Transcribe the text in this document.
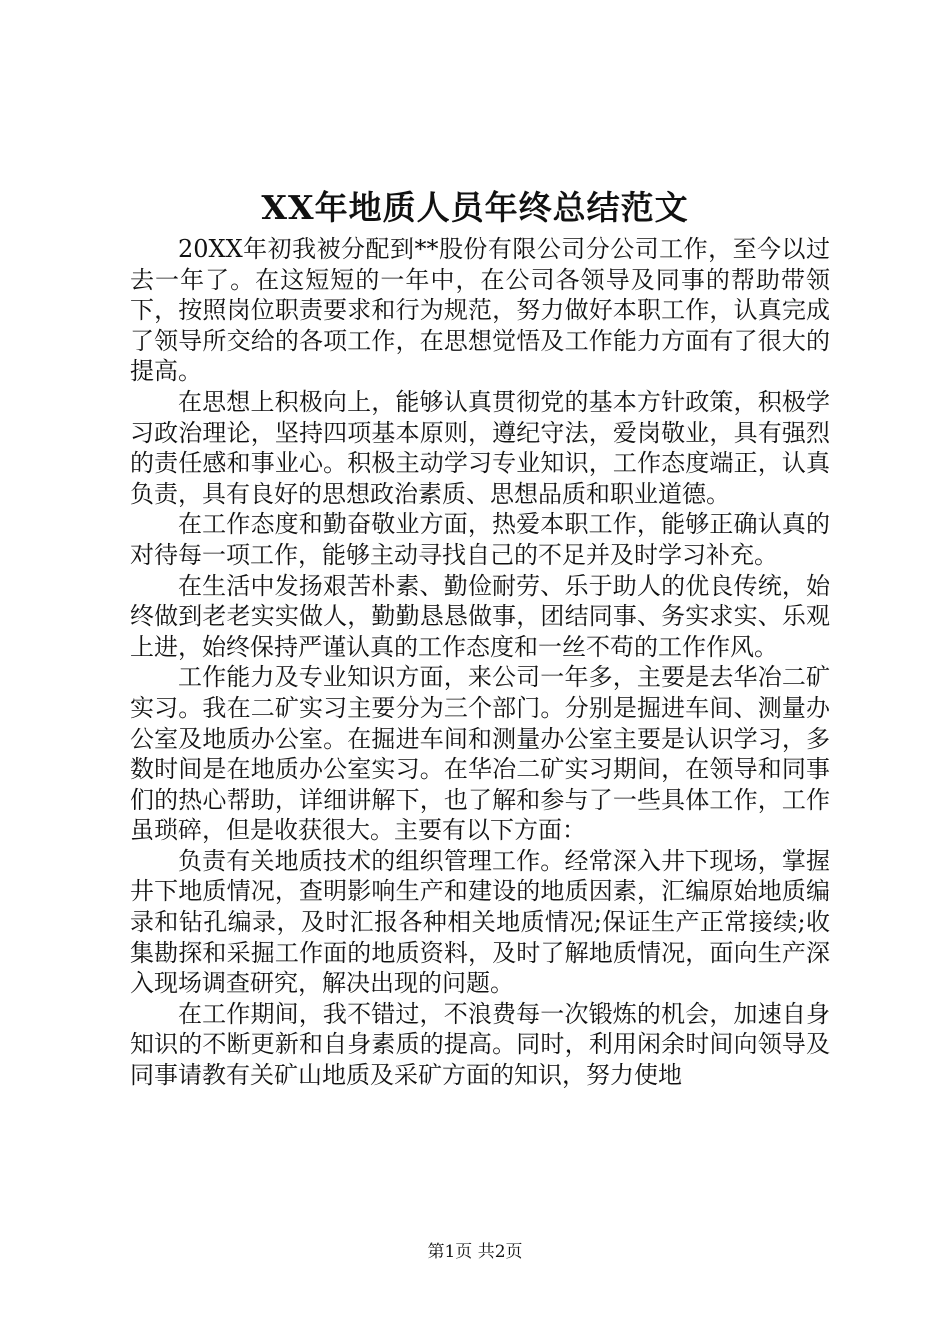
XX年地质人员年终总结范文

20XX年初我被分配到**股份有限公司分公司工作，至今以过去一年了。在这短短的一年中，在公司各领导及同事的帮助带领下，按照岗位职责要求和行为规范，努力做好本职工作，认真完成了领导所交给的各项工作，在思想觉悟及工作能力方面有了很大的提高。

在思想上积极向上，能够认真贯彻党的基本方针政策，积极学习政治理论，坚持四项基本原则，遵纪守法，爱岗敬业，具有强烈的责任感和事业心。积极主动学习专业知识，工作态度端正，认真负责，具有良好的思想政治素质、思想品质和职业道德。

在工作态度和勤奋敬业方面，热爱本职工作，能够正确认真的对待每一项工作，能够主动寻找自己的不足并及时学习补充。

在生活中发扬艰苦朴素、勤俭耐劳、乐于助人的优良传统，始终做到老老实实做人，勤勤恳恳做事，团结同事、务实求实、乐观上进，始终保持严谨认真的工作态度和一丝不苟的工作作风。

工作能力及专业知识方面，来公司一年多，主要是去华冶二矿实习。我在二矿实习主要分为三个部门。分别是掘进车间、测量办公室及地质办公室。在掘进车间和测量办公室主要是认识学习，多数时间是在地质办公室实习。在华冶二矿实习期间，在领导和同事们的热心帮助，详细讲解下，也了解和参与了一些具体工作，工作虽琐碎，但是收获很大。主要有以下方面：

负责有关地质技术的组织管理工作。经常深入井下现场，掌握井下地质情况，查明影响生产和建设的地质因素，汇编原始地质编录和钻孔编录，及时汇报各种相关地质情况;保证生产正常接续;收集勘探和采掘工作面的地质资料，及时了解地质情况，面向生产深入现场调查研究，解决出现的问题。

在工作期间，我不错过，不浪费每一次锻炼的机会，加速自身知识的不断更新和自身素质的提高。同时，利用闲余时间向领导及同事请教有关矿山地质及采矿方面的知识，努力使地

第1页 共2页
